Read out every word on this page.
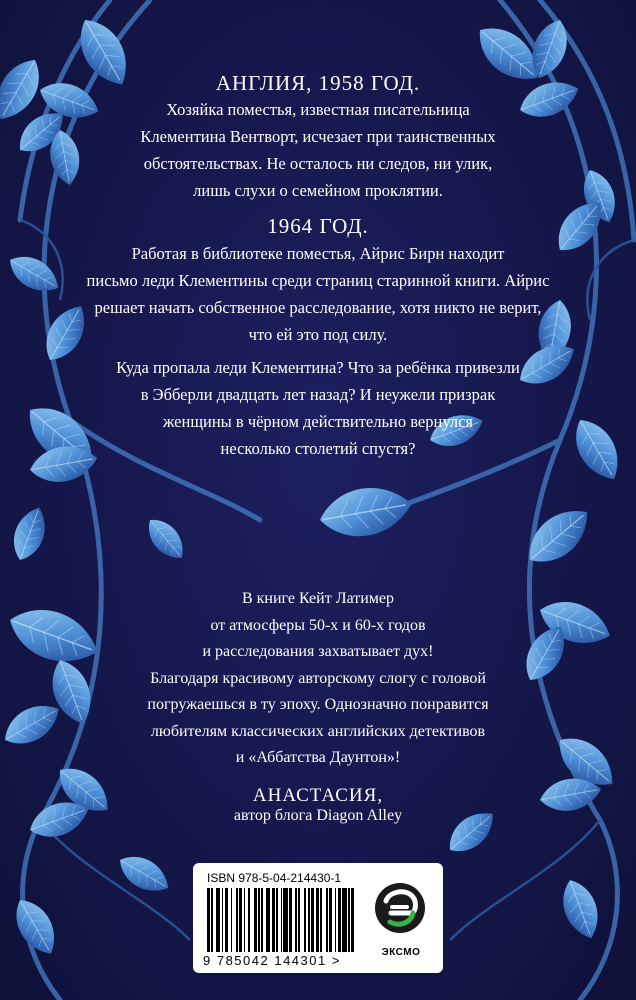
АНГЛИЯ, 1958 ГОД.
Хозяйка поместья, известная писательница
Клементина Вентворт, исчезает при таинственных
обстоятельствах. Не осталось ни следов, ни улик,
лишь слухи о семейном проклятии.
1964 ГОД.
Работая в библиотеке поместья, Айрис Бирн находит
письмо леди Клементины среди страниц старинной книги. Айрис
решает начать собственное расследование, хотя никто не верит,
что ей это под силу.
Куда пропала леди Клементина? Что за ребёнка привезли
в Эбберли двадцать лет назад? И неужели призрак
женщины в чёрном действительно вернулся
несколько столетий спустя?
В книге Кейт Латимер
от атмосферы 50-х и 60-х годов
и расследования захватывает дух!
Благодаря красивому авторскому слогу с головой
погружаешься в ту эпоху. Однозначно понравится
любителям классических английских детективов
и «Аббатства Даунтон»!
АНАСТАСИЯ,
автор блога Diagon Alley
ISBN 978-5-04-214430-1
9 785042 144301 >
ЭКСМО
